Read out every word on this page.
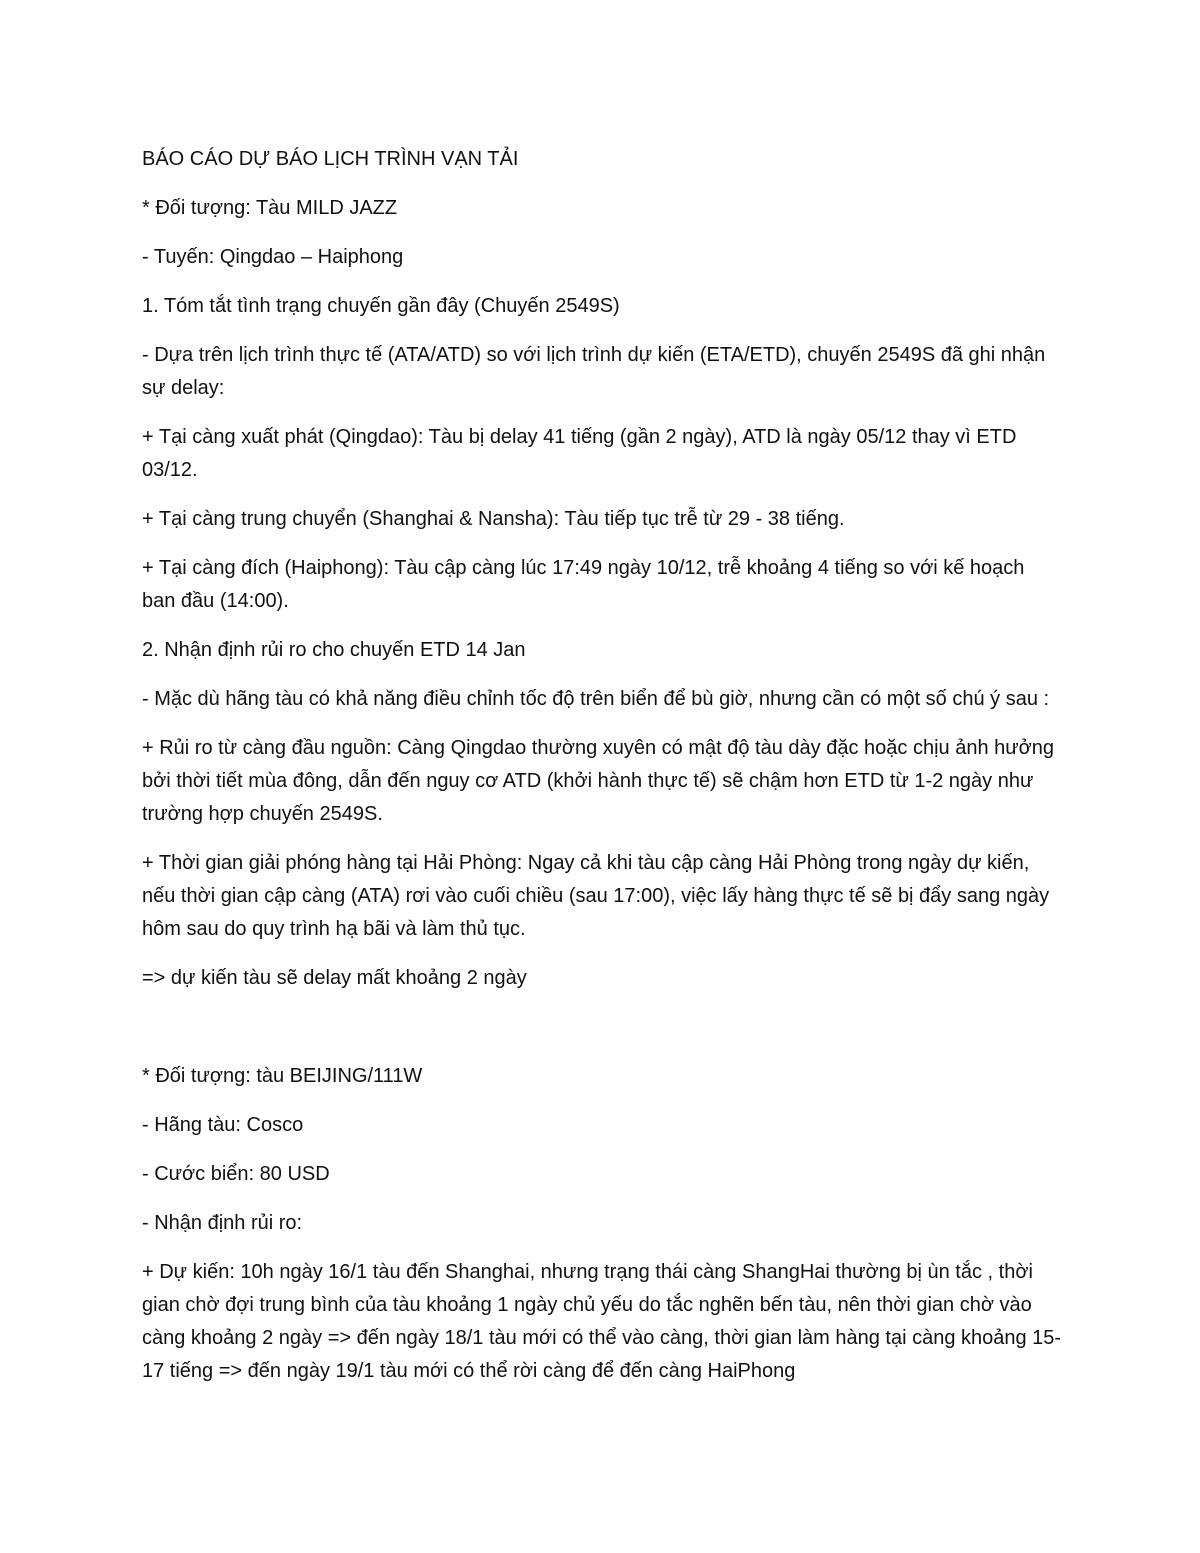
BÁO CÁO DỰ BÁO LỊCH TRÌNH VẠN TẢI

* Đối tượng: Tàu MILD JAZZ

- Tuyến: Qingdao – Haiphong

1. Tóm tắt tình trạng chuyến gần đây (Chuyến 2549S)

- Dựa trên lịch trình thực tế (ATA/ATD) so với lịch trình dự kiến (ETA/ETD), chuyến 2549S đã ghi nhận sự delay:

+ Tại càng xuất phát (Qingdao): Tàu bị delay 41 tiếng (gần 2 ngày), ATD là ngày 05/12 thay vì ETD 03/12.

+ Tại càng trung chuyển (Shanghai & Nansha): Tàu tiếp tục trễ từ 29 - 38 tiếng.

+ Tại càng đích (Haiphong): Tàu cập càng lúc 17:49 ngày 10/12, trễ khoảng 4 tiếng so với kế hoạch ban đầu (14:00).

2. Nhận định rủi ro cho chuyến ETD 14 Jan

- Mặc dù hãng tàu có khả năng điều chỉnh tốc độ trên biển để bù giờ, nhưng cần có một số chú ý sau :

+ Rủi ro từ càng đầu nguồn: Càng Qingdao thường xuyên có mật độ tàu dày đặc hoặc chịu ảnh hưởng bởi thời tiết mùa đông, dẫn đến nguy cơ ATD (khởi hành thực tế) sẽ chậm hơn ETD từ 1-2 ngày như trường hợp chuyến 2549S.

+ Thời gian giải phóng hàng tại Hải Phòng: Ngay cả khi tàu cập càng Hải Phòng trong ngày dự kiến, nếu thời gian cập càng (ATA) rơi vào cuối chiều (sau 17:00), việc lấy hàng thực tế sẽ bị đẩy sang ngày hôm sau do quy trình hạ bãi và làm thủ tục.

=> dự kiến tàu sẽ delay mất khoảng 2 ngày

* Đối tượng: tàu BEIJING/111W

- Hãng tàu: Cosco

- Cước biển: 80 USD

- Nhận định rủi ro:

+ Dự kiến: 10h ngày 16/1 tàu đến Shanghai, nhưng trạng thái càng ShangHai thường bị ùn tắc , thời gian chờ đợi trung bình của tàu khoảng 1 ngày chủ yếu do tắc nghẽn bến tàu, nên thời gian chờ vào càng khoảng 2 ngày => đến ngày 18/1 tàu mới có thể vào càng, thời gian làm hàng tại càng khoảng 15-17 tiếng => đến ngày 19/1 tàu mới có thể rời càng để đến càng HaiPhong
